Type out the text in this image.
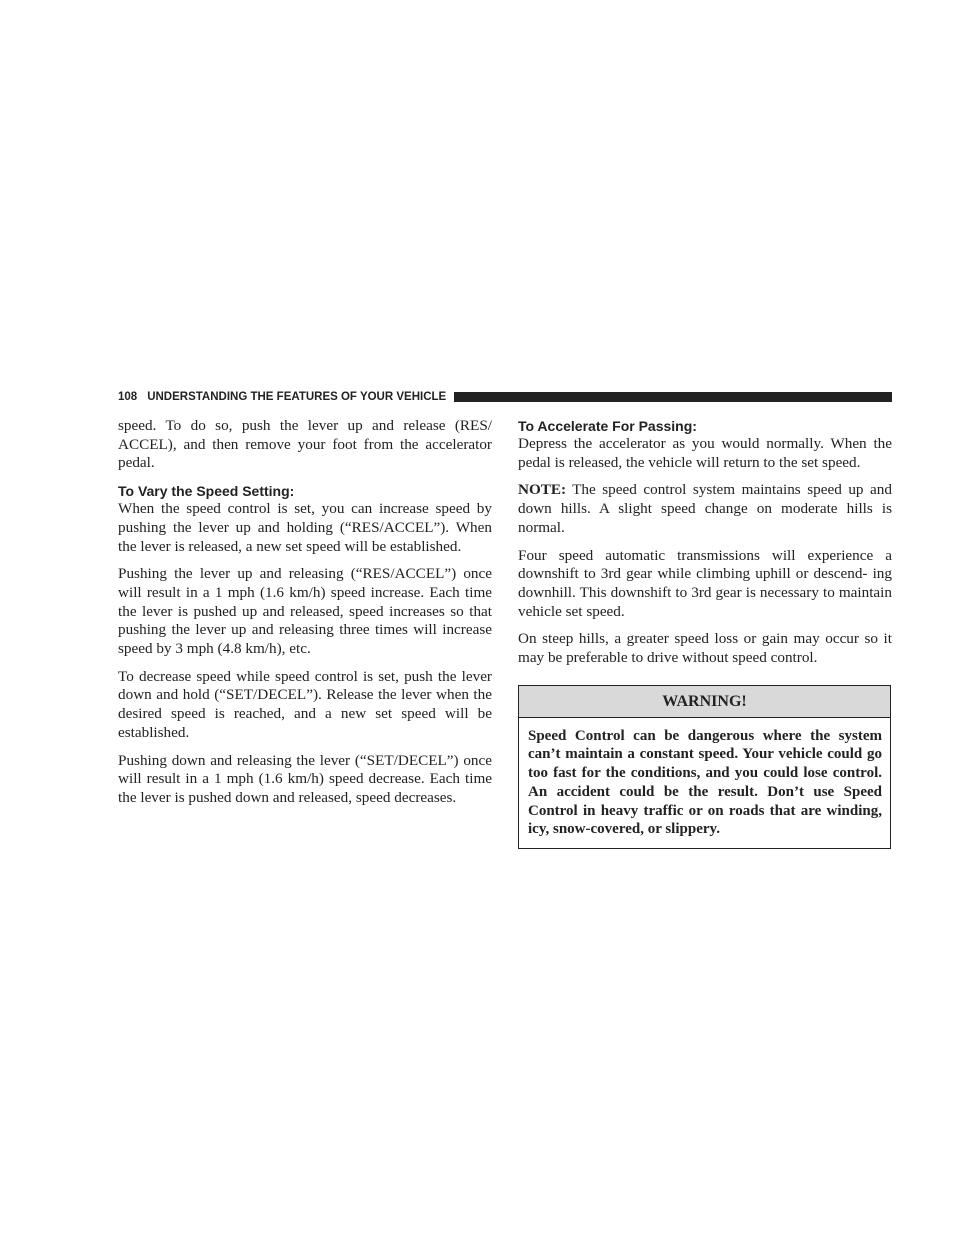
108 UNDERSTANDING THE FEATURES OF YOUR VEHICLE

speed. To do so, push the lever up and release (RES/ ACCEL), and then remove your foot from the accelerator pedal.

To Vary the Speed Setting:

When the speed control is set, you can increase speed by pushing the lever up and holding (“RES/ACCEL”). When the lever is released, a new set speed will be established.

Pushing the lever up and releasing (“RES/ACCEL”) once will result in a 1 mph (1.6 km/h) speed increase. Each time the lever is pushed up and released, speed increases so that pushing the lever up and releasing three times will increase speed by 3 mph (4.8 km/h), etc.

To decrease speed while speed control is set, push the lever down and hold (“SET/DECEL”). Release the lever when the desired speed is reached, and a new set speed will be established.

Pushing down and releasing the lever (“SET/DECEL”) once will result in a 1 mph (1.6 km/h) speed decrease. Each time the lever is pushed down and released, speed decreases.

To Accelerate For Passing:

Depress the accelerator as you would normally. When the pedal is released, the vehicle will return to the set speed.

NOTE: The speed control system maintains speed up and down hills. A slight speed change on moderate hills is normal.

Four speed automatic transmissions will experience a downshift to 3rd gear while climbing uphill or descend- ing downhill. This downshift to 3rd gear is necessary to maintain vehicle set speed.

On steep hills, a greater speed loss or gain may occur so it may be preferable to drive without speed control.

WARNING!
Speed Control can be dangerous where the system can’t maintain a constant speed. Your vehicle could go too fast for the conditions, and you could lose control. An accident could be the result. Don’t use Speed Control in heavy traffic or on roads that are winding, icy, snow-covered, or slippery.
